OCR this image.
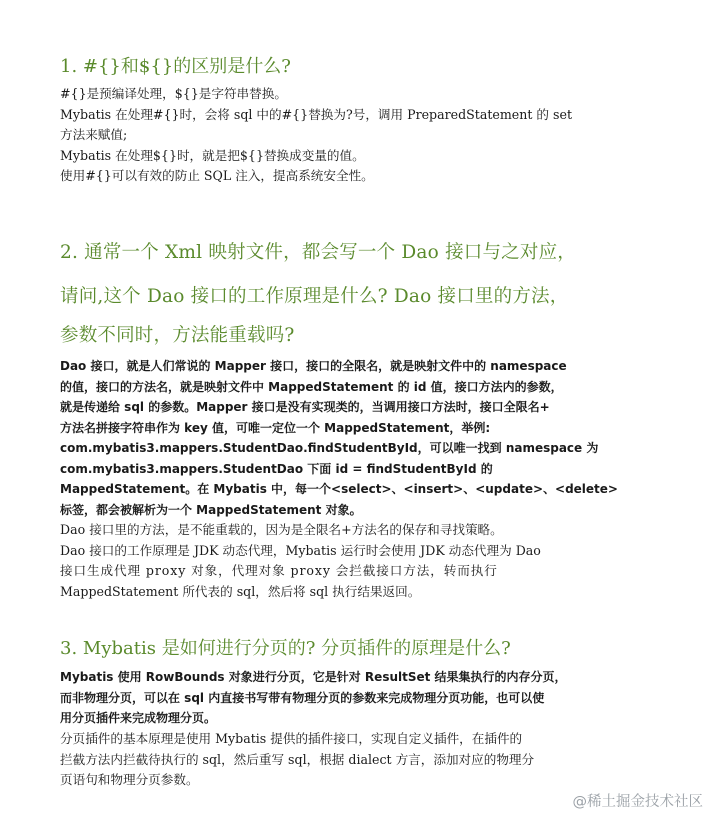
1. #{}和${}的区别是什么?

#{}是预编译处理，${}是字符串替换。

Mybatis 在处理#{}时，会将 sql 中的#{}替换为?号，调用 PreparedStatement 的 set

方法来赋值;

Mybatis 在处理${}时，就是把${}替换成变量的值。

使用#{}可以有效的防止 SQL 注入，提高系统安全性。

2. 通常一个 Xml 映射文件，都会写一个 Dao 接口与之对应，
请问,这个 Dao 接口的工作原理是什么? Dao 接口里的方法，
参数不同时，方法能重载吗?

Dao 接口，就是人们常说的 Mapper 接口，接口的全限名，就是映射文件中的 namespace

的值，接口的方法名，就是映射文件中 MappedStatement 的 id 值，接口方法内的参数，

就是传递给 sql 的参数。Mapper 接口是没有实现类的，当调用接口方法时，接口全限名+

方法名拼接字符串作为 key 值，可唯一定位一个 MappedStatement，举例:

com.mybatis3.mappers.StudentDao.findStudentById，可以唯一找到 namespace 为

com.mybatis3.mappers.StudentDao 下面 id = findStudentById 的

MappedStatement。在 Mybatis 中，每一个<select>、<insert>、<update>、<delete>

标签，都会被解析为一个 MappedStatement 对象。

Dao 接口里的方法，是不能重载的，因为是全限名+方法名的保存和寻找策略。

Dao 接口的工作原理是 JDK 动态代理，Mybatis 运行时会使用 JDK 动态代理为 Dao

接口生成代理 proxy 对象，代理对象 proxy 会拦截接口方法，转而执行

MappedStatement 所代表的 sql，然后将 sql 执行结果返回。

3. Mybatis 是如何进行分页的? 分页插件的原理是什么?

Mybatis 使用 RowBounds 对象进行分页，它是针对 ResultSet 结果集执行的内存分页，

而非物理分页，可以在 sql 内直接书写带有物理分页的参数来完成物理分页功能，也可以使

用分页插件来完成物理分页。

分页插件的基本原理是使用 Mybatis 提供的插件接口，实现自定义插件，在插件的

拦截方法内拦截待执行的 sql，然后重写 sql，根据 dialect 方言，添加对应的物理分

页语句和物理分页参数。

@稀土掘金技术社区
